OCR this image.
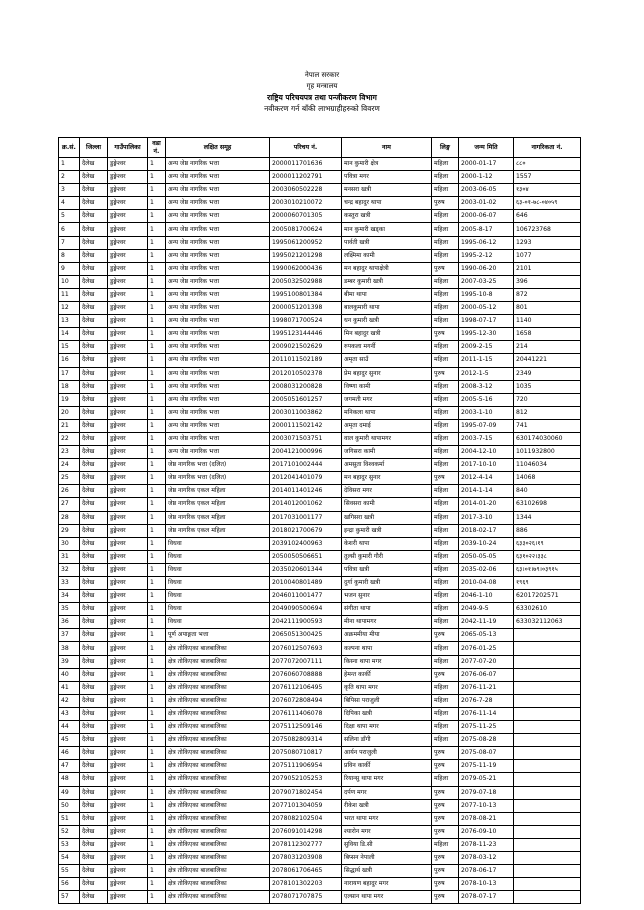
नेपाल सरकार
गृह मन्त्रालय
राष्ट्रिय परिचयपत्र तथा पन्जीकरण विभाग
नवीकरण गर्न बाँकी लाभग्राहीहरुको विवरण
क्र.सं.	जिल्ला	गाउँपालिका	वडा नं.	लक्षित समूह	परिचय नं.	नाम	लिङ्ग	जन्म मिति	नागरिकता नं.
1	दैलेख	डुङ्गेश्वर	1	अन्य जेष्ठ नागरिक भत्ता	2000011701636	मान कुमारी क्षेत्र	महिला	2000-01-17	८८०
2	दैलेख	डुङ्गेश्वर	1	अन्य जेष्ठ नागरिक भत्ता	2000011202791	पवित्रा मगर	महिला	2000-1-12	1557
3	दैलेख	डुङ्गेश्वर	1	अन्य जेष्ठ नागरिक भत्ता	2003060502228	मनसरा खत्री	महिला	2003-06-05	१३०४
4	दैलेख	डुङ्गेश्वर	1	अन्य जेष्ठ नागरिक भत्ता	2003010210072	चन्द्र बहादुर थापा	पुरुष	2003-01-02	६३-०१-७८-०४०५९
5	दैलेख	डुङ्गेश्वर	1	अन्य जेष्ठ नागरिक भत्ता	2000060701305	कस्तुरा खत्री	महिला	2000-06-07	646
6	दैलेख	डुङ्गेश्वर	1	अन्य जेष्ठ नागरिक भत्ता	2005081700624	मान कुमारी खड्का	महिला	2005-8-17	106723768
7	दैलेख	डुङ्गेश्वर	1	अन्य जेष्ठ नागरिक भत्ता	1995061200952	पार्वती खत्री	महिला	1995-06-12	1293
8	दैलेख	डुङ्गेश्वर	1	अन्य जेष्ठ नागरिक भत्ता	1995021201298	लक्ष्मिमा कामी	महिला	1995-2-12	1077
9	दैलेख	डुङ्गेश्वर	1	अन्य जेष्ठ नागरिक भत्ता	1990062000436	मन बहादुर थापाक्षेत्री	पुरुष	1990-06-20	2101
10	दैलेख	डुङ्गेश्वर	1	अन्य जेष्ठ नागरिक भत्ता	2005032502988	डम्बर कुमारी खत्री	महिला	2007-03-25	396
11	दैलेख	डुङ्गेश्वर	1	अन्य जेष्ठ नागरिक भत्ता	1995100801384	बीमा थापा	महिला	1995-10-8	872
12	दैलेख	डुङ्गेश्वर	1	अन्य जेष्ठ नागरिक भत्ता	2000051201398	बालकुमारी थापा	महिला	2000-05-12	801
13	दैलेख	डुङ्गेश्वर	1	अन्य जेष्ठ नागरिक भत्ता	1998071700524	धन कुमारी खत्री	महिला	1998-07-17	1140
14	दैलेख	डुङ्गेश्वर	1	अन्य जेष्ठ नागरिक भत्ता	1995123144446	मिन बहादुर खत्री	पुरुष	1995-12-30	1658
15	दैलेख	डुङ्गेश्वर	1	अन्य जेष्ठ नागरिक भत्ता	2009021502629	रुपकला मगर्नी	महिला	2009-2-15	214
16	दैलेख	डुङ्गेश्वर	1	अन्य जेष्ठ नागरिक भत्ता	2011011502189	अमृता साउँ	महिला	2011-1-15	20441221
17	दैलेख	डुङ्गेश्वर	1	अन्य जेष्ठ नागरिक भत्ता	2012010502378	प्रेम बहादुर सुनार	पुरुष	2012-1-5	2349
18	दैलेख	डुङ्गेश्वर	1	अन्य जेष्ठ नागरिक भत्ता	2008031200828	विष्णा कामी	महिला	2008-3-12	1035
19	दैलेख	डुङ्गेश्वर	1	अन्य जेष्ठ नागरिक भत्ता	2005051601257	जगमती मगर	महिला	2005-5-16	720
20	दैलेख	डुङ्गेश्वर	1	अन्य जेष्ठ नागरिक भत्ता	2003011003862	मनिकला थापा	महिला	2003-1-10	812
21	दैलेख	डुङ्गेश्वर	1	अन्य जेष्ठ नागरिक भत्ता	2000111502142	अमृता दमाई	महिला	1995-07-09	741
22	दैलेख	डुङ्गेश्वर	1	अन्य जेष्ठ नागरिक भत्ता	2003071503751	वाल कुमारी थापामगर	महिला	2003-7-15	630174030060
23	दैलेख	डुङ्गेश्वर	1	अन्य जेष्ठ नागरिक भत्ता	2004121000996	जगिसरा कामी	महिला	2004-12-10	1011932800
24	दैलेख	डुङ्गेश्वर	1	जेष्ठ नागरिक भत्ता (दलित)	2017101002444	अमसुता विश्वकर्मा	महिला	2017-10-10	11046034
25	दैलेख	डुङ्गेश्वर	1	जेष्ठ नागरिक भत्ता (दलित)	2012041401079	मन बहादुर सुनार	पुरुष	2012-4-14	14068
26	दैलेख	डुङ्गेश्वर	1	जेष्ठ नागरिक एकल महिला	2014011401246	देविसरा मगर	महिला	2014-1-14	840
27	दैलेख	डुङ्गेश्वर	1	जेष्ठ नागरिक एकल महिला	2014012001062	सिवसरा कामी	महिला	2014-01-20	63102698
28	दैलेख	डुङ्गेश्वर	1	जेष्ठ नागरिक एकल महिला	2017031001177	खगिसरा खत्री	महिला	2017-3-10	1344
29	दैलेख	डुङ्गेश्वर	1	जेष्ठ नागरिक एकल महिला	2018021700679	इन्द्रा कुमारी खत्री	महिला	2018-02-17	886
30	दैलेख	डुङ्गेश्वर	1	विधवा	2039102400963	केशरी थापा	महिला	2039-10-24	६३३०२६।१९
31	दैलेख	डुङ्गेश्वर	1	विधवा	2050050506651	तुल्सी कुमारी गौरी	महिला	2050-05-05	६३१०२२।३३८
32	दैलेख	डुङ्गेश्वर	1	विधवा	2035020601344	पवित्रा खत्री	महिला	2035-02-06	६३।०१।७९।०३९१५
33	दैलेख	डुङ्गेश्वर	1	विधवा	2010040801489	दुर्गा कुमारी खत्री	महिला	2010-04-08	१९६९
34	दैलेख	डुङ्गेश्वर	1	विधवा	2046011001477	भजन सुनार	महिला	2046-1-10	62017202571
35	दैलेख	डुङ्गेश्वर	1	विधवा	2049090500694	संगीता थापा	महिला	2049-9-5	63302610
36	दैलेख	डुङ्गेश्वर	1	विधवा	2042111900593	मीना थापामगर	महिला	2042-11-19	633032112063
37	दैलेख	डुङ्गेश्वर	1	पूर्ण अपाङ्गता भत्ता	2065051300425	अक्रममीया मीया	पुरुष	2065-05-13	
38	दैलेख	डुङ्गेश्वर	1	क्षेत्र तोकिएका बालबालिका	2076012507693	कल्पना थापा	महिला	2076-01-25	
39	दैलेख	डुङ्गेश्वर	1	क्षेत्र तोकिएका बालबालिका	2077072007111	किस्ना थापा मगर	महिला	2077-07-20	
40	दैलेख	डुङ्गेश्वर	1	क्षेत्र तोकिएका बालबालिका	2076060708888	हेमन्त कार्की	पुरुष	2076-06-07	
41	दैलेख	डुङ्गेश्वर	1	क्षेत्र तोकिएका बालबालिका	2076112106495	कृति थापा मगर	महिला	2076-11-21	
42	दैलेख	डुङ्गेश्वर	1	क्षेत्र तोकिएका बालबालिका	2076072808494	बिपिसा पराजुली	महिला	2076-7-28	
43	दैलेख	डुङ्गेश्वर	1	क्षेत्र तोकिएका बालबालिका	2076111406078	दिपिका खत्री	महिला	2076-11-14	
44	दैलेख	डुङ्गेश्वर	1	क्षेत्र तोकिएका बालबालिका	2075112509146	दिक्षा थापा मगर	महिला	2075-11-25	
45	दैलेख	डुङ्गेश्वर	1	क्षेत्र तोकिएका बालबालिका	2075082809314	सलिना डाँगी	महिला	2075-08-28	
46	दैलेख	डुङ्गेश्वर	1	क्षेत्र तोकिएका बालबालिका	2075080710817	आर्यन पराजुली	पुरुष	2075-08-07	
47	दैलेख	डुङ्गेश्वर	1	क्षेत्र तोकिएका बालबालिका	2075111906954	प्रविन कार्की	पुरुष	2075-11-19	
48	दैलेख	डुङ्गेश्वर	1	क्षेत्र तोकिएका बालबालिका	2079052105253	रियान्सु थापा मगर	महिला	2079-05-21	
49	दैलेख	डुङ्गेश्वर	1	क्षेत्र तोकिएका बालबालिका	2079071802454	दर्पण मगर	पुरुष	2079-07-18	
50	दैलेख	डुङ्गेश्वर	1	क्षेत्र तोकिएका बालबालिका	2077101304059	रीकेश खत्री	पुरुष	2077-10-13	
51	दैलेख	डुङ्गेश्वर	1	क्षेत्र तोकिएका बालबालिका	2078082102504	भरत थापा मगर	पुरुष	2078-08-21	
52	दैलेख	डुङ्गेश्वर	1	क्षेत्र तोकिएका बालबालिका	2076091014298	श्यारोन मगर	पुरुष	2076-09-10	
53	दैलेख	डुङ्गेश्वर	1	क्षेत्र तोकिएका बालबालिका	2078112302777	सुविया डि.सी	महिला	2078-11-23	
54	दैलेख	डुङ्गेश्वर	1	क्षेत्र तोकिएका बालबालिका	2078031203908	बिप्सन नेपाली	पुरुष	2078-03-12	
55	दैलेख	डुङ्गेश्वर	1	क्षेत्र तोकिएका बालबालिका	2078061706465	सिद्धार्थ खत्री	पुरुष	2078-06-17	
56	दैलेख	डुङ्गेश्वर	1	क्षेत्र तोकिएका बालबालिका	2078101302203	नारायण बहादुर मगर	पुरुष	2078-10-13	
57	दैलेख	डुङ्गेश्वर	1	क्षेत्र तोकिएका बालबालिका	2078071707875	एल्सान थापा मगर	पुरुष	2078-07-17	
